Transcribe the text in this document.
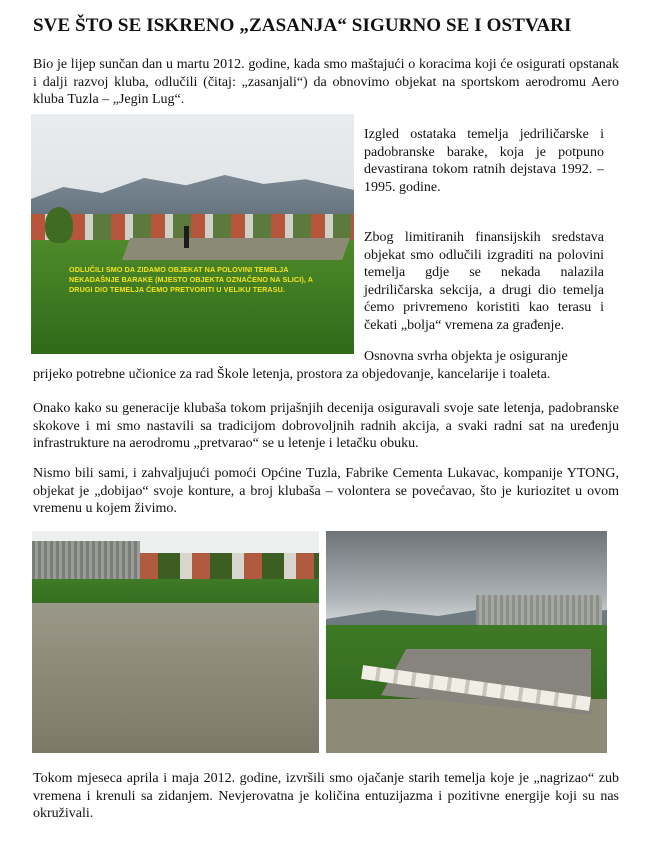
SVE ŠTO SE ISKRENO „ZASANJA“ SIGURNO SE I OSTVARI
Bio je lijep sunčan dan u martu 2012. godine, kada smo maštajući o koracima koji će osigurati opstanak i dalji razvoj kluba, odlučili (čitaj: „zasanjali“) da obnovimo objekat na sportskom aerodromu Aero kluba Tuzla – „Jegin Lug“.
ODLUČILI SMO DA ZIDAMO OBJEKAT NA POLOVINI TEMELJA NEKADAŠNJE BARAKE (MJESTO OBJEKTA OZNAČENO NA SLICI), A DRUGI DIO TEMELJA ĆEMO PRETVORITI U VELIKU TERASU.
Izgled ostataka temelja jedriličarske i padobranske barake, koja je potpuno devastirana tokom ratnih dejstava 1992. – 1995. godine.
Zbog limitiranih finansijskih sredstava objekat smo odlučili izgraditi na polovini temelja gdje se nekada nalazila jedriličarska sekcija, a drugi dio temelja ćemo privremeno koristiti kao terasu i čekati „bolja“ vremena za građenje.
Osnovna svrha objekta je osiguranje
prijeko potrebne učionice za rad Škole letenja, prostora za objedovanje, kancelarije i toaleta.
Onako kako su generacije klubaša tokom prijašnjih decenija osiguravali svoje sate letenja, padobranske skokove i mi smo nastavili sa tradicijom dobrovoljnih radnih akcija, a svaki radni sat na uređenju infrastrukture na aerodromu „pretvarao“ se u letenje i letačku obuku.
Nismo bili sami, i zahvaljujući pomoći Općine Tuzla, Fabrike Cementa Lukavac, kompanije YTONG, objekat je „dobijao“ svoje konture, a broj klubaša – volontera se povećavao, što je kuriozitet u ovom vremenu u kojem živimo.
Tokom mjeseca aprila i maja 2012. godine, izvršili smo ojačanje starih temelja koje je „nagrizao“ zub vremena i krenuli sa zidanjem. Nevjerovatna je količina entuzijazma i pozitivne energije koji su nas okruživali.
